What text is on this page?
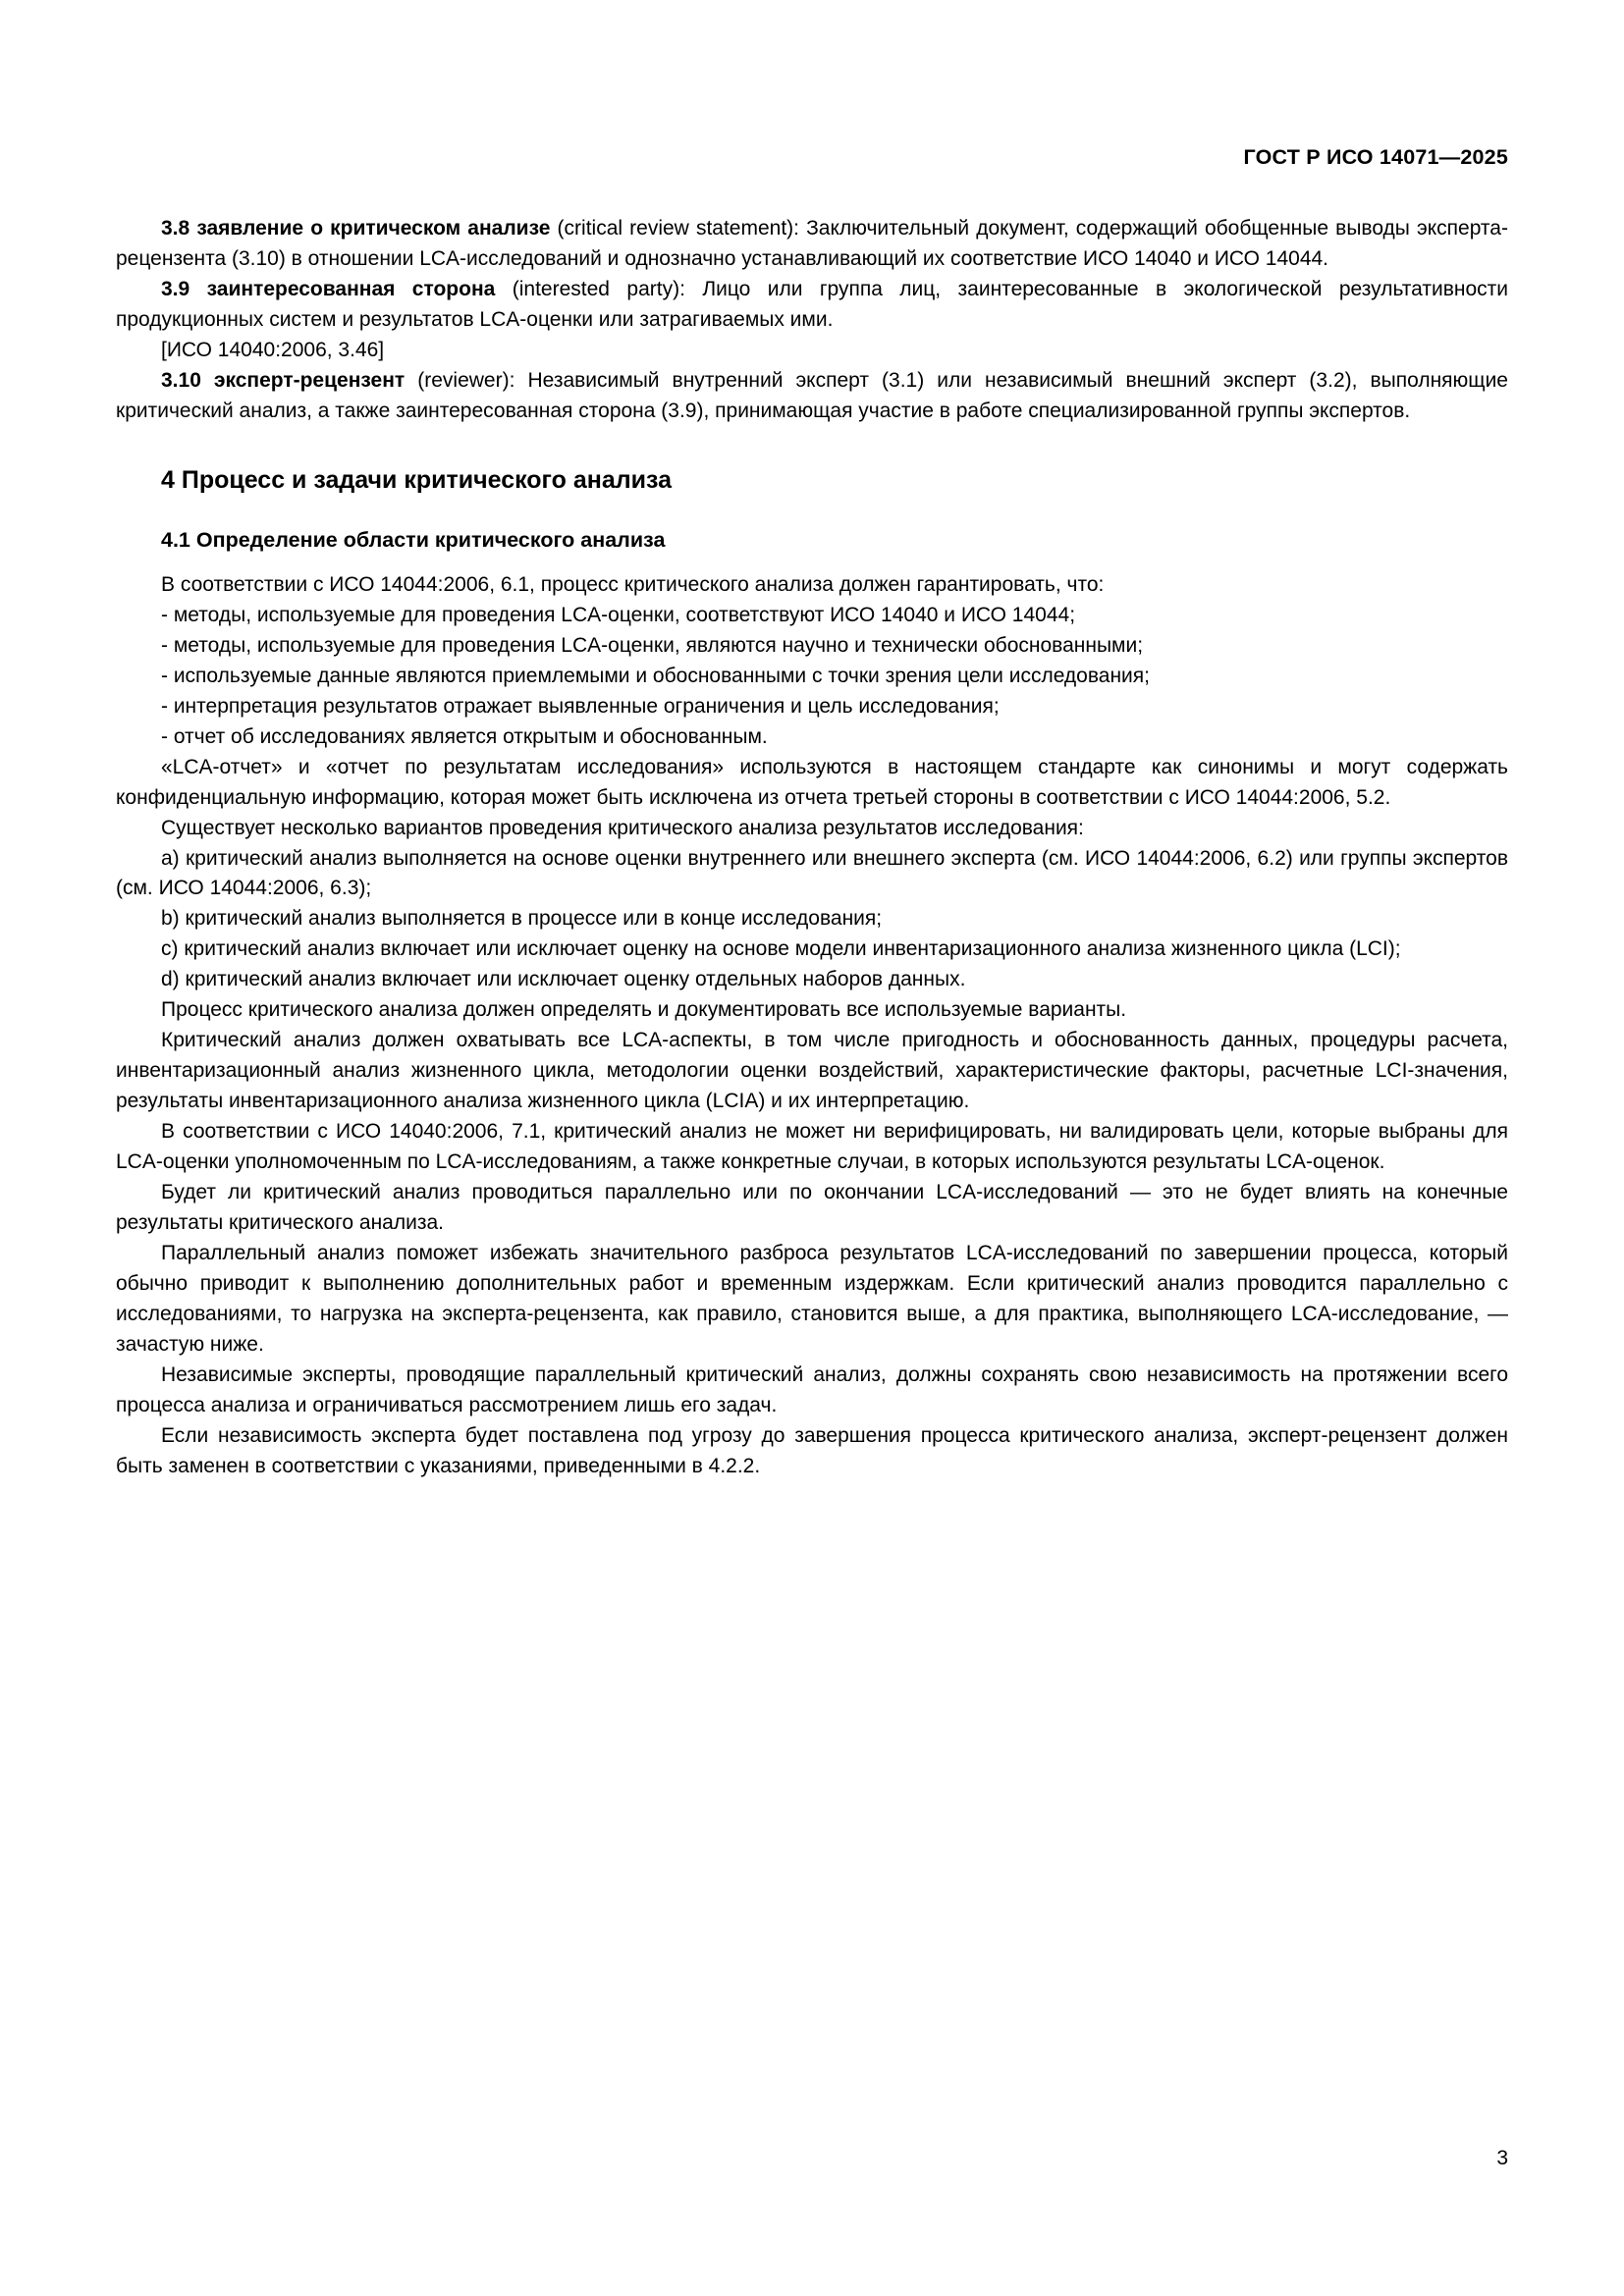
ГОСТ Р ИСО 14071—2025

3.8 заявление о критическом анализе (critical review statement): Заключительный документ, содержащий обобщенные выводы эксперта-рецензента (3.10) в отношении LCA-исследований и однозначно устанавливающий их соответствие ИСО 14040 и ИСО 14044.

3.9 заинтересованная сторона (interested party): Лицо или группа лиц, заинтересованные в экологической результативности продукционных систем и результатов LCA-оценки или затрагиваемых ими.

[ИСО 14040:2006, 3.46]

3.10 эксперт-рецензент (reviewer): Независимый внутренний эксперт (3.1) или независимый внешний эксперт (3.2), выполняющие критический анализ, а также заинтересованная сторона (3.9), принимающая участие в работе специализированной группы экспертов.

4 Процесс и задачи критического анализа
4.1 Определение области критического анализа

В соответствии с ИСО 14044:2006, 6.1, процесс критического анализа должен гарантировать, что:

- методы, используемые для проведения LCA-оценки, соответствуют ИСО 14040 и ИСО 14044;

- методы, используемые для проведения LCA-оценки, являются научно и технически обоснованными;

- используемые данные являются приемлемыми и обоснованными с точки зрения цели исследования;

- интерпретация результатов отражает выявленные ограничения и цель исследования;

- отчет об исследованиях является открытым и обоснованным.

«LCA-отчет» и «отчет по результатам исследования» используются в настоящем стандарте как синонимы и могут содержать конфиденциальную информацию, которая может быть исключена из отчета третьей стороны в соответствии с ИСО 14044:2006, 5.2.

Существует несколько вариантов проведения критического анализа результатов исследования:

a) критический анализ выполняется на основе оценки внутреннего или внешнего эксперта (см. ИСО 14044:2006, 6.2) или группы экспертов (см. ИСО 14044:2006, 6.3);

b) критический анализ выполняется в процессе или в конце исследования;

c) критический анализ включает или исключает оценку на основе модели инвентаризационного анализа жизненного цикла (LCI);

d) критический анализ включает или исключает оценку отдельных наборов данных.

Процесс критического анализа должен определять и документировать все используемые варианты.

Критический анализ должен охватывать все LCA-аспекты, в том числе пригодность и обоснованность данных, процедуры расчета, инвентаризационный анализ жизненного цикла, методологии оценки воздействий, характеристические факторы, расчетные LCI-значения, результаты инвентаризационного анализа жизненного цикла (LCIA) и их интерпретацию.

В соответствии с ИСО 14040:2006, 7.1, критический анализ не может ни верифицировать, ни валидировать цели, которые выбраны для LCA-оценки уполномоченным по LCA-исследованиям, а также конкретные случаи, в которых используются результаты LCA-оценок.

Будет ли критический анализ проводиться параллельно или по окончании LCA-исследований — это не будет влиять на конечные результаты критического анализа.

Параллельный анализ поможет избежать значительного разброса результатов LCA-исследований по завершении процесса, который обычно приводит к выполнению дополнительных работ и временным издержкам. Если критический анализ проводится параллельно с исследованиями, то нагрузка на эксперта-рецензента, как правило, становится выше, а для практика, выполняющего LCA-исследование, — зачастую ниже.

Независимые эксперты, проводящие параллельный критический анализ, должны сохранять свою независимость на протяжении всего процесса анализа и ограничиваться рассмотрением лишь его задач.

Если независимость эксперта будет поставлена под угрозу до завершения процесса критического анализа, эксперт-рецензент должен быть заменен в соответствии с указаниями, приведенными в 4.2.2.

3
